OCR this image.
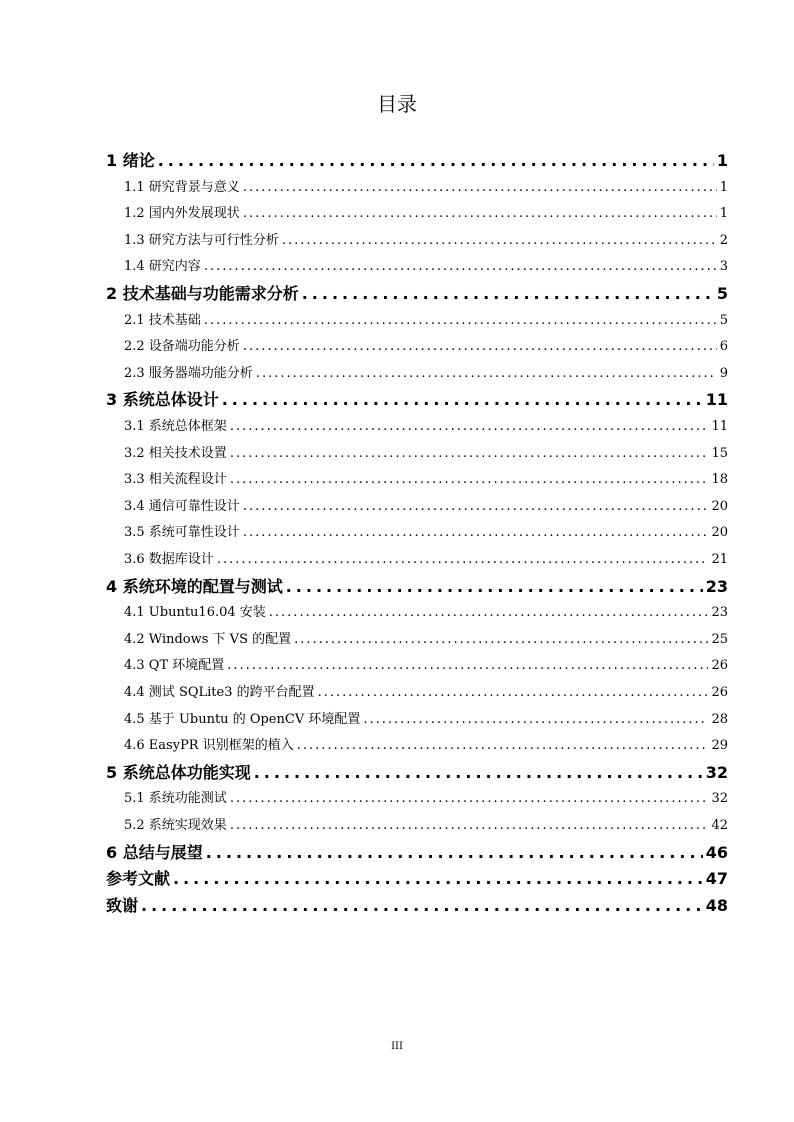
目录
1 绪论 .....	1
1.1 研究背景与意义 .....	1
1.2 国内外发展现状 .....	1
1.3 研究方法与可行性分析 .....	2
1.4 研究内容 .....	3
2 技术基础与功能需求分析 .....	5
2.1 技术基础 .....	5
2.2 设备端功能分析 .....	6
2.3 服务器端功能分析 .....	9
3 系统总体设计 .....	11
3.1 系统总体框架 .....	11
3.2 相关技术设置 .....	15
3.3 相关流程设计 .....	18
3.4 通信可靠性设计 .....	20
3.5 系统可靠性设计 .....	20
3.6 数据库设计 .....	21
4 系统环境的配置与测试 .....	23
4.1 Ubuntu16.04 安装 .....	23
4.2 Windows 下 VS 的配置 .....	25
4.3 QT 环境配置 .....	26
4.4 测试 SQLite3 的跨平台配置 .....	26
4.5 基于 Ubuntu 的 OpenCV 环境配置 .....	28
4.6 EasyPR 识别框架的植入 .....	29
5 系统总体功能实现 .....	32
5.1 系统功能测试 .....	32
5.2 系统实现效果 .....	42
6 总结与展望 .....	46
参考文献 .....	47
致谢 .....	48
III
